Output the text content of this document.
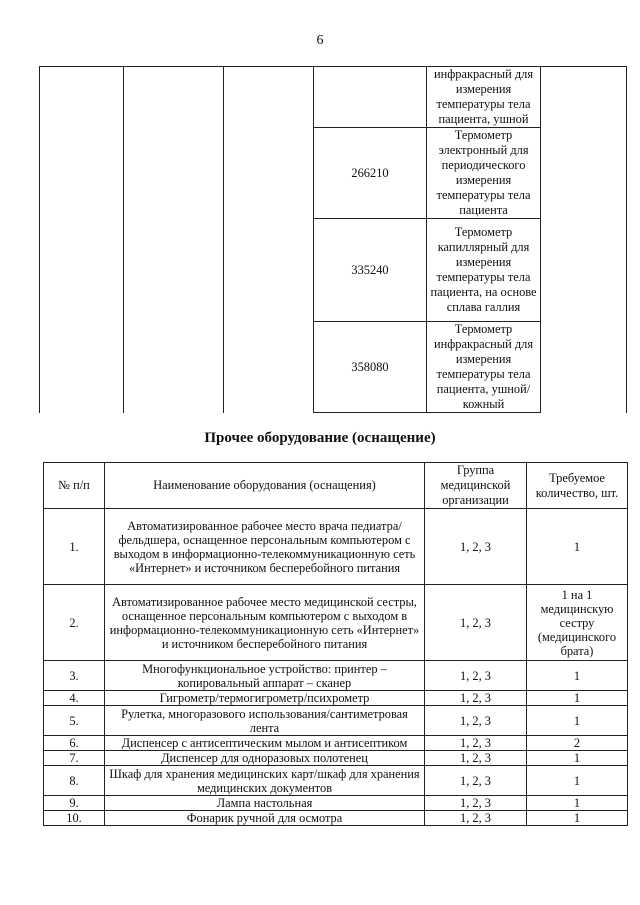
6
				инфракрасный для измерения температуры тела пациента, ушной	
			266210	Термометр электронный для периодического измерения температуры тела пациента	
			335240	Термометр капиллярный для измерения температуры тела пациента, на основе сплава галлия	
			358080	Термометр инфракрасный для измерения температуры тела пациента, ушной/кожный	
Прочее оборудование (оснащение)
№ п/п	Наименование оборудования (оснащения)	Группа медицинской организации	Требуемое количество, шт.
1.	Автоматизированное рабочее место врача педиатра/фельдшера, оснащенное персональным компьютером с выходом в информационно-телекоммуникационную сеть «Интернет» и источником бесперебойного питания	1, 2, 3	1
2.	Автоматизированное рабочее место медицинской сестры, оснащенное персональным компьютером с выходом в информационно-телекоммуникационную сеть «Интернет» и источником бесперебойного питания	1, 2, 3	1 на 1 медицинскую сестру (медицинского брата)
3.	Многофункциональное устройство: принтер – копировальный аппарат – сканер	1, 2, 3	1
4.	Гигрометр/термогигрометр/психрометр	1, 2, 3	1
5.	Рулетка, многоразового использования/сантиметровая лента	1, 2, 3	1
6.	Диспенсер с антисептическим мылом и антисептиком	1, 2, 3	2
7.	Диспенсер для одноразовых полотенец	1, 2, 3	1
8.	Шкаф для хранения медицинских карт/шкаф для хранения медицинских документов	1, 2, 3	1
9.	Лампа настольная	1, 2, 3	1
10.	Фонарик ручной для осмотра	1, 2, 3	1
